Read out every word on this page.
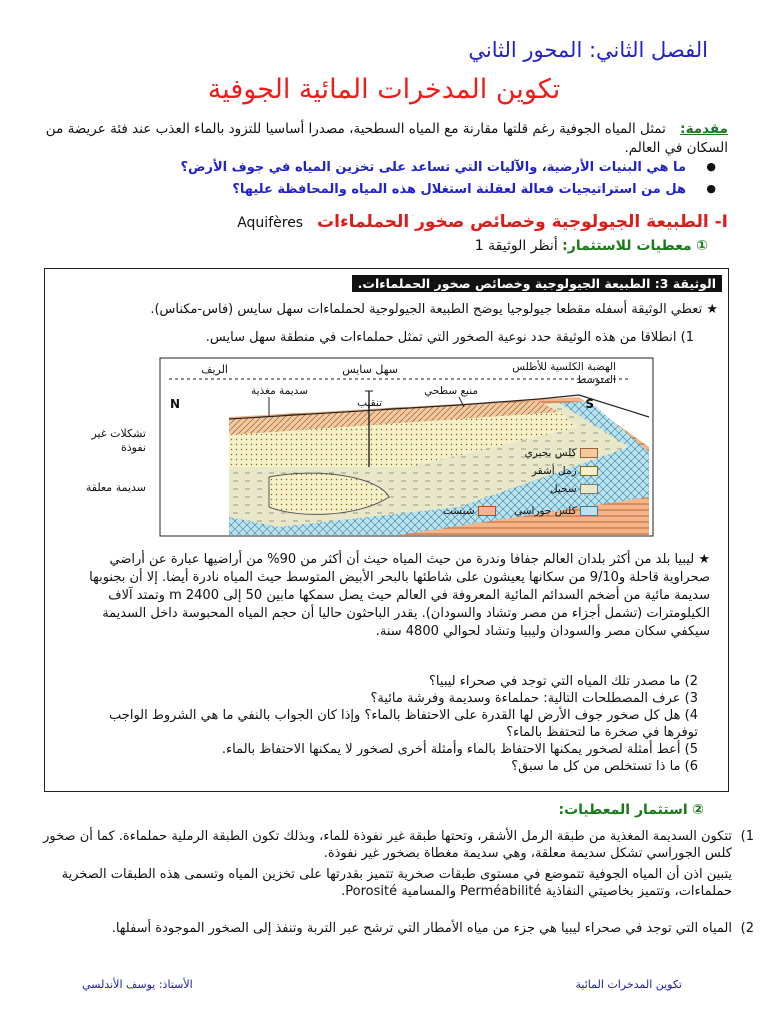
الفصل الثاني: المحور الثاني
تكوين المدخرات المائية الجوفية
مقدمة: تمثل المياه الجوفية رغم قلتها مقارنة مع المياه السطحية، مصدرا أساسيا للتزود بالماء العذب عند فئة عريضة من السكان في العالم.
●
ما هي البنيات الأرضية، والآليات التي تساعد على تخزين المياه في جوف الأرض؟
●
هل من استراتيجيات فعالة لعقلنة استغلال هذه المياه والمحافظة عليها؟
I- الطبيعة الجيولوجية وخصائص صخور الحملماءات Aquifères
① معطيات للاستثمار: أنظر الوثيقة 1
الوثيقة 3: الطبيعة الجيولوجية وخصائص صخور الحملماءات.
★ تعطي الوثيقة أسفله مقطعا جيولوجيا يوضح الطبيعة الجيولوجية لحملماءات سهل سايس (فاس-مكناس).
1) انطلاقا من هذه الوثيقة حدد نوعية الصخور التي تمثل حملماءات في منطقة سهل سايس.
الريف	سهل سايس	الهضبة الكلسية للأطلس المتوسط
سديمة مغذية
تنقيب
منبع سطحي
N	S
تشكلات غير نفوذة
سديمة معلقة
كلس بحيري
رمل أشقر
سجيل
كلس جوراسي
شيست
★ ليبيا بلد من أكثر بلدان العالم جفافا وندرة من حيث المياه حيث أن أكثر من 90% من أراضيها عبارة عن أراضي صحراوية قاحلة و9/10 من سكانها يعيشون على شاطئها بالبحر الأبيض المتوسط حيث المياه نادرة أيضا. إلا أن بجنوبها سديمة مائية من أضخم السدائم المائية المعروفة في العالم حيث يصل سمكها مابين 50 إلى 2400 m وتمتد آلاف الكيلومترات (تشمل أجزاء من مصر وتشاد والسودان). يقدر الباحثون حاليا أن حجم المياه المحبوسة داخل السديمة سيكفي سكان مصر والسودان وليبيا وتشاد لحوالي 4800 سنة.
2) ما مصدر تلك المياه التي توجد في صحراء ليبيا؟
3) عرف المصطلحات التالية: حملماءة وسديمة وفرشة مائية؟
4) هل كل صخور جوف الأرض لها القدرة على الاحتفاظ بالماء؟ وإذا كان الجواب بالنفي ما هي الشروط الواجب توفرها في صخرة ما لتحتفظ بالماء؟
5) أعط أمثلة لصخور يمكنها الاحتفاظ بالماء وأمثلة أخرى لصخور لا يمكنها الاحتفاظ بالماء.
6) ما ذا تستخلص من كل ما سبق؟
② استثمار المعطيات:
1)
تتكون السديمة المغذية من طبقة الرمل الأشقر، وتحتها طبقة غير نفوذة للماء، وبذلك تكون الطبقة الرملية حملماءة. كما أن صخور كلس الجوراسي تشكل سديمة معلقة، وهي سديمة مغطاة بصخور غير نفوذة.
يتبين اذن أن المياه الجوفية تتموضع في مستوى طبقات صخرية تتميز بقدرتها على تخزين المياه وتسمى هذه الطبقات الصخرية حملماءات، وتتميز بخاصيتي النفاذية Perméabilité والمسامية Porosité.
2)
المياه التي توجد في صحراء ليبيا هي جزء من مياه الأمطار التي ترشح عبر التربة وتنفذ إلى الصخور الموجودة أسفلها.
تكوين المدخرات المائية
الأستاذ: يوسف الأندلسي
